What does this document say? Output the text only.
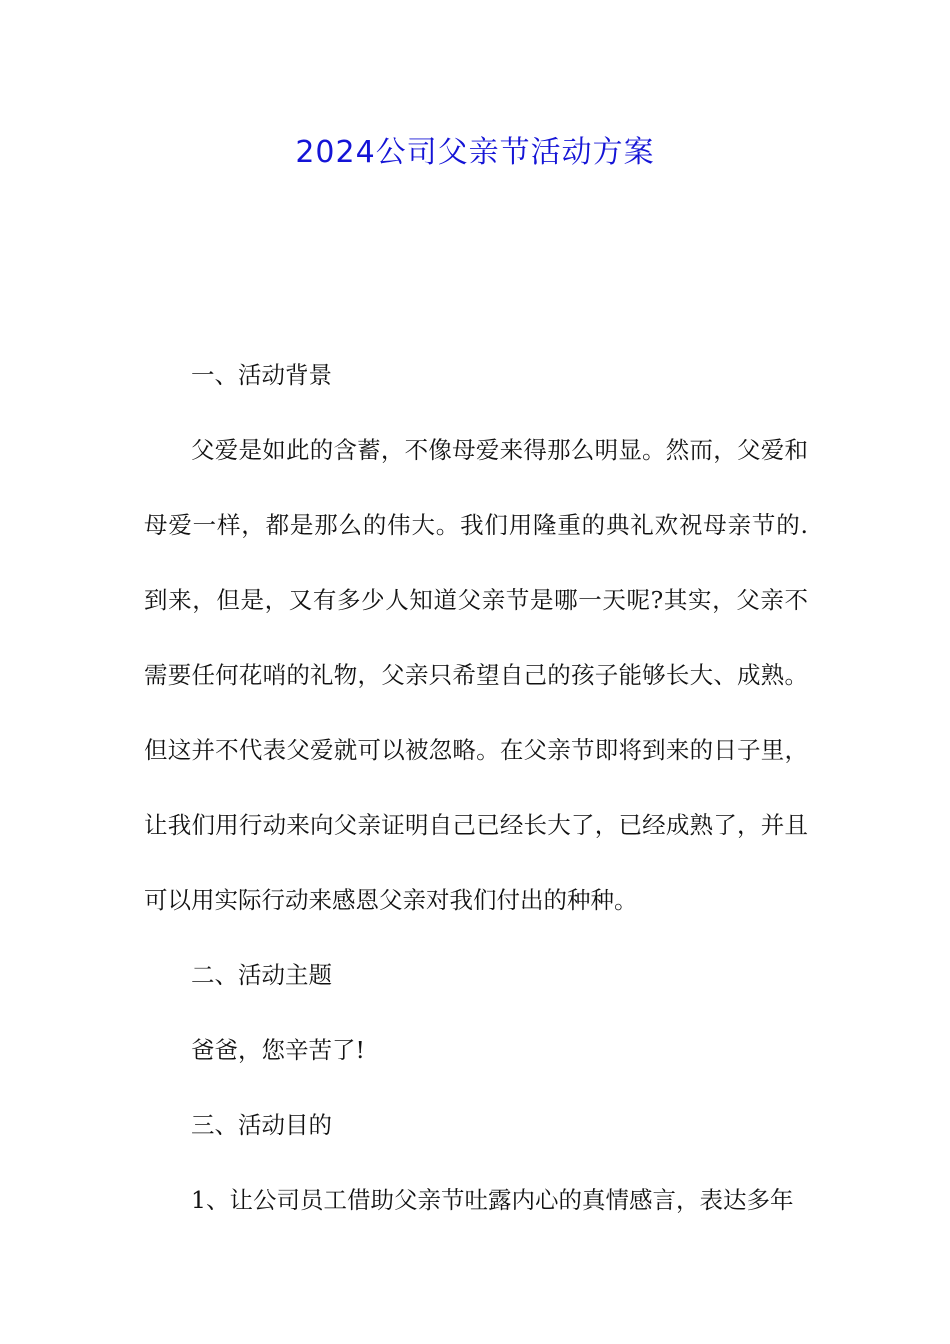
2024公司父亲节活动方案

一、活动背景

父爱是如此的含蓄，不像母爱来得那么明显。然而，父爱和母爱一样，都是那么的伟大。我们用隆重的典礼欢祝母亲节的.到来，但是，又有多少人知道父亲节是哪一天呢?其实，父亲不需要任何花哨的礼物，父亲只希望自己的孩子能够长大、成熟。但这并不代表父爱就可以被忽略。在父亲节即将到来的日子里，让我们用行动来向父亲证明自己已经长大了，已经成熟了，并且可以用实际行动来感恩父亲对我们付出的种种。

二、活动主题

爸爸，您辛苦了!

三、活动目的

1、让公司员工借助父亲节吐露内心的真情感言，表达多年
